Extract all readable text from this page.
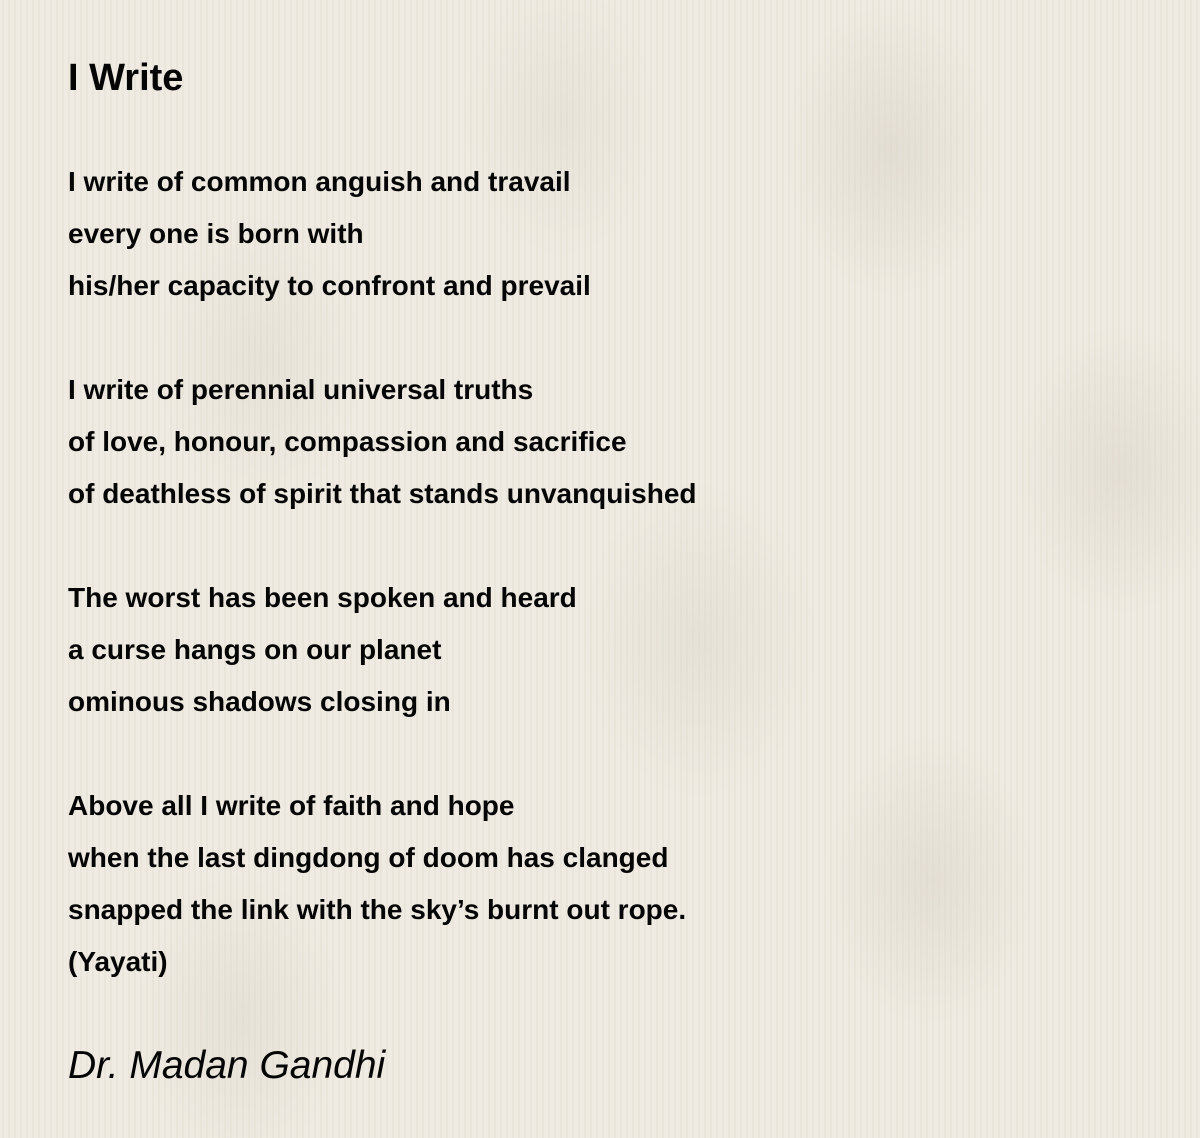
I Write
I write of common anguish and travail
every one is born with
his/her capacity to confront and prevail
I write of perennial universal truths
of love, honour, compassion and sacrifice
of deathless of spirit that stands unvanquished
The worst has been spoken and heard
a curse hangs on our planet
ominous shadows closing in
Above all I write of faith and hope
when the last dingdong of doom has clanged
snapped the link with the sky’s burnt out rope.
(Yayati)
Dr. Madan Gandhi
